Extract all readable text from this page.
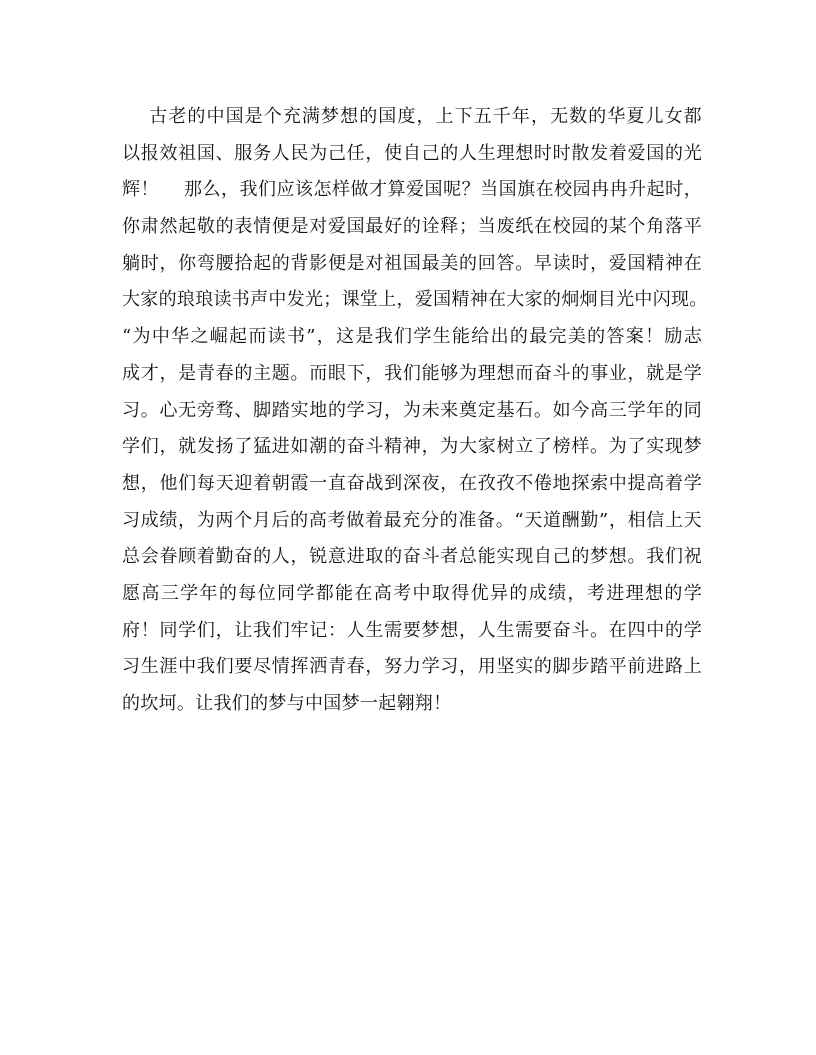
古老的中国是个充满梦想的国度，上下五千年，无数的华夏儿女都
以报效祖国、服务人民为己任，使自己的人生理想时时散发着爱国的光
辉！    那么，我们应该怎样做才算爱国呢？当国旗在校园冉冉升起时，
你肃然起敬的表情便是对爱国最好的诠释；当废纸在校园的某个角落平
躺时，你弯腰拾起的背影便是对祖国最美的回答。早读时，爱国精神在
大家的琅琅读书声中发光；课堂上，爱国精神在大家的炯炯目光中闪现。
“为中华之崛起而读书”，这是我们学生能给出的最完美的答案！励志
成才，是青春的主题。而眼下，我们能够为理想而奋斗的事业，就是学
习。心无旁骛、脚踏实地的学习，为未来奠定基石。如今高三学年的同
学们，就发扬了猛进如潮的奋斗精神，为大家树立了榜样。为了实现梦
想，他们每天迎着朝霞一直奋战到深夜，在孜孜不倦地探索中提高着学
习成绩，为两个月后的高考做着最充分的准备。“天道酬勤”，相信上天
总会眷顾着勤奋的人，锐意进取的奋斗者总能实现自己的梦想。我们祝
愿高三学年的每位同学都能在高考中取得优异的成绩，考进理想的学
府！同学们，让我们牢记：人生需要梦想，人生需要奋斗。在四中的学
习生涯中我们要尽情挥洒青春，努力学习，用坚实的脚步踏平前进路上
的坎坷。让我们的梦与中国梦一起翱翔！
